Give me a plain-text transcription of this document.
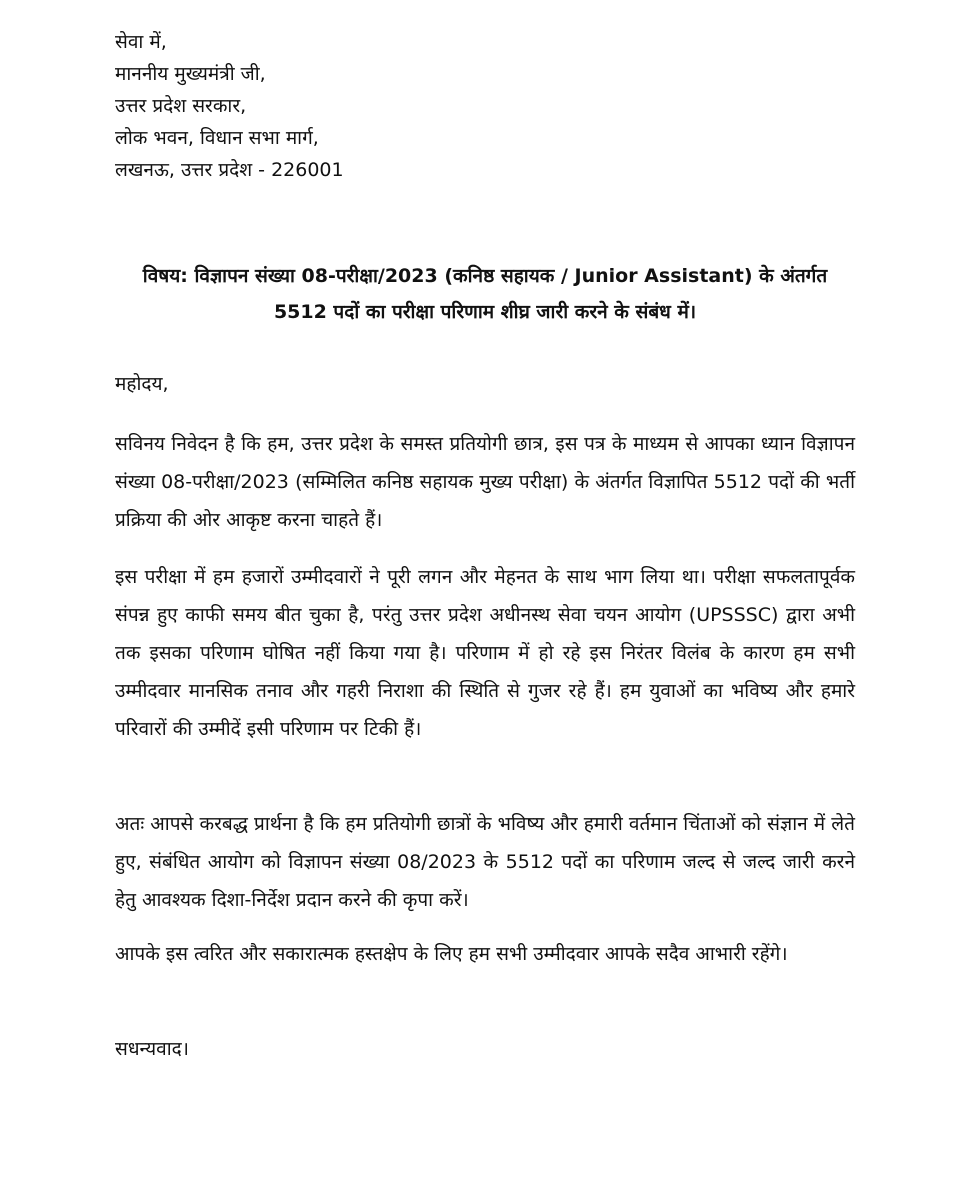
सेवा में,

माननीय मुख्यमंत्री जी,

उत्तर प्रदेश सरकार,

लोक भवन, विधान सभा मार्ग,

लखनऊ, उत्तर प्रदेश - 226001

विषय: विज्ञापन संख्या 08-परीक्षा/2023 (कनिष्ठ सहायक / Junior Assistant) के अंतर्गत 5512 पदों का परीक्षा परिणाम शीघ्र जारी करने के संबंध में।

महोदय,

सविनय निवेदन है कि हम, उत्तर प्रदेश के समस्त प्रतियोगी छात्र, इस पत्र के माध्यम से आपका ध्यान विज्ञापन संख्या 08-परीक्षा/2023 (सम्मिलित कनिष्ठ सहायक मुख्य परीक्षा) के अंतर्गत विज्ञापित 5512 पदों की भर्ती प्रक्रिया की ओर आकृष्ट करना चाहते हैं।

इस परीक्षा में हम हजारों उम्मीदवारों ने पूरी लगन और मेहनत के साथ भाग लिया था। परीक्षा सफलतापूर्वक संपन्न हुए काफी समय बीत चुका है, परंतु उत्तर प्रदेश अधीनस्थ सेवा चयन आयोग (UPSSSC) द्वारा अभी तक इसका परिणाम घोषित नहीं किया गया है। परिणाम में हो रहे इस निरंतर विलंब के कारण हम सभी उम्मीदवार मानसिक तनाव और गहरी निराशा की स्थिति से गुजर रहे हैं। हम युवाओं का भविष्य और हमारे परिवारों की उम्मीदें इसी परिणाम पर टिकी हैं।

अतः आपसे करबद्ध प्रार्थना है कि हम प्रतियोगी छात्रों के भविष्य और हमारी वर्तमान चिंताओं को संज्ञान में लेते हुए, संबंधित आयोग को विज्ञापन संख्या 08/2023 के 5512 पदों का परिणाम जल्द से जल्द जारी करने हेतु आवश्यक दिशा-निर्देश प्रदान करने की कृपा करें।

आपके इस त्वरित और सकारात्मक हस्तक्षेप के लिए हम सभी उम्मीदवार आपके सदैव आभारी रहेंगे।

सधन्यवाद।
